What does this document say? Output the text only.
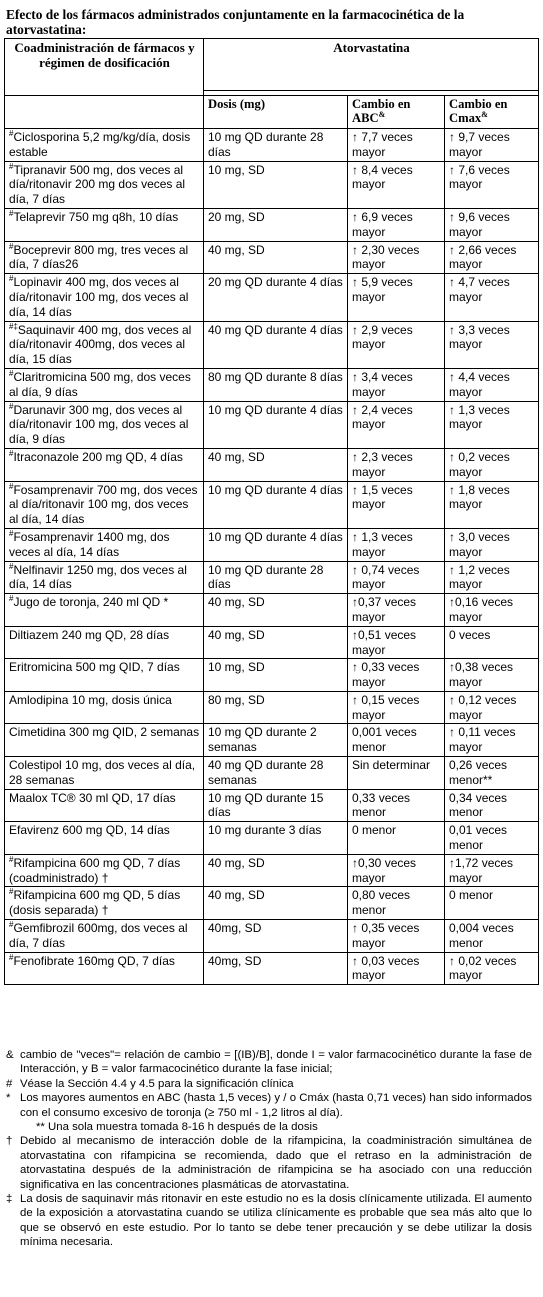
Efecto de los fármacos administrados conjuntamente en la farmacocinética de la atorvastatina:
Coadministración de fármacos y régimen de dosificación	Atorvastatina		

	Dosis (mg)	Cambio en ABC&	Cambio en Cmax&
#Ciclosporina 5,2 mg/kg/día, dosis estable	10 mg QD durante 28 días	↑ 7,7 veces mayor	↑ 9,7 veces mayor
#Tipranavir 500 mg, dos veces al día/ritonavir 200 mg dos veces al día, 7 días	10 mg, SD	↑ 8,4 veces mayor	↑ 7,6 veces mayor
#Telaprevir 750 mg q8h, 10 días	20 mg, SD	↑ 6,9 veces mayor	↑ 9,6 veces mayor
#Boceprevir 800 mg, tres veces al día, 7 días26	40 mg, SD	↑ 2,30 veces mayor	↑ 2,66 veces mayor
#Lopinavir 400 mg, dos veces al día/ritonavir 100 mg, dos veces al día, 14 días	20 mg QD durante 4 días	↑ 5,9 veces mayor	↑ 4,7 veces mayor
#‡Saquinavir 400 mg, dos veces al día/ritonavir 400mg, dos veces al día, 15 días	40 mg QD durante 4 días	↑ 2,9 veces mayor	↑ 3,3 veces mayor
#Claritromicina 500 mg, dos veces al día, 9 días	80 mg QD durante 8 días	↑ 3,4 veces mayor	↑ 4,4 veces mayor
#Darunavir 300 mg, dos veces al día/ritonavir 100 mg, dos veces al día, 9 días	10 mg QD durante 4 días	↑ 2,4 veces mayor	↑ 1,3 veces mayor
#Itraconazole 200 mg QD, 4 días	40 mg, SD	↑ 2,3 veces mayor	↑ 0,2 veces mayor
#Fosamprenavir 700 mg, dos veces al día/ritonavir 100 mg, dos veces al día, 14 días	10 mg QD durante 4 días	↑ 1,5 veces mayor	↑ 1,8 veces mayor
#Fosamprenavir 1400 mg, dos veces al día, 14 días	10 mg QD durante 4 días	↑ 1,3 veces mayor	↑ 3,0 veces mayor
#Nelfinavir 1250 mg, dos veces al día, 14 días	10 mg QD durante 28 días	↑ 0,74 veces mayor	↑ 1,2 veces mayor
#Jugo de toronja, 240 ml QD *	40 mg, SD	↑0,37 veces mayor	↑0,16 veces mayor
Diltiazem 240 mg QD, 28 días	40 mg, SD	↑0,51 veces mayor	0 veces
Eritromicina 500 mg QID, 7 días	10 mg, SD	↑ 0,33 veces mayor	↑0,38 veces mayor
Amlodipina 10 mg, dosis única	80 mg, SD	↑ 0,15 veces mayor	↑ 0,12 veces mayor
Cimetidina 300 mg QID, 2 semanas	10 mg QD durante 2 semanas	0,001 veces menor	↑ 0,11 veces mayor
Colestipol 10 mg, dos veces al día, 28 semanas	40 mg QD durante 28 semanas	Sin determinar	0,26 veces menor**
Maalox TC® 30 ml QD, 17 días	10 mg QD durante 15 días	0,33 veces menor	0,34 veces menor
Efavirenz 600 mg QD, 14 días	10 mg durante 3 días	0 menor	0,01 veces menor
#Rifampicina 600 mg QD, 7 días (coadministrado) †	40 mg, SD	↑0,30 veces mayor	↑1,72 veces mayor
#Rifampicina 600 mg QD, 5 días (dosis separada) †	40 mg, SD	0,80 veces menor	0 menor
#Gemfibrozil 600mg, dos veces al día, 7 días	40mg, SD	↑ 0,35 veces mayor	0,004 veces menor
#Fenofibrate 160mg QD, 7 días	40mg, SD	↑ 0,03 veces mayor	↑ 0,02 veces mayor
& cambio de "veces"= relación de cambio = [(IB)/B], donde I = valor farmacocinético durante la fase de Interacción, y B = valor farmacocinético durante la fase inicial;
# Véase la Sección 4.4 y 4.5 para la significación clínica
* Los mayores aumentos en ABC (hasta 1,5 veces) y / o Cmáx (hasta 0,71 veces) han sido informados con el consumo excesivo de toronja (≥ 750 ml - 1,2 litros al día).
** Una sola muestra tomada 8-16 h después de la dosis
† Debido al mecanismo de interacción doble de la rifampicina, la coadministración simultánea de atorvastatina con rifampicina se recomienda, dado que el retraso en la administración de atorvastatina después de la administración de rifampicina se ha asociado con una reducción significativa en las concentraciones plasmáticas de atorvastatina.
‡ La dosis de saquinavir más ritonavir en este estudio no es la dosis clínicamente utilizada. El aumento de la exposición a atorvastatina cuando se utiliza clínicamente es probable que sea más alto que lo que se observó en este estudio. Por lo tanto se debe tener precaución y se debe utilizar la dosis mínima necesaria.
